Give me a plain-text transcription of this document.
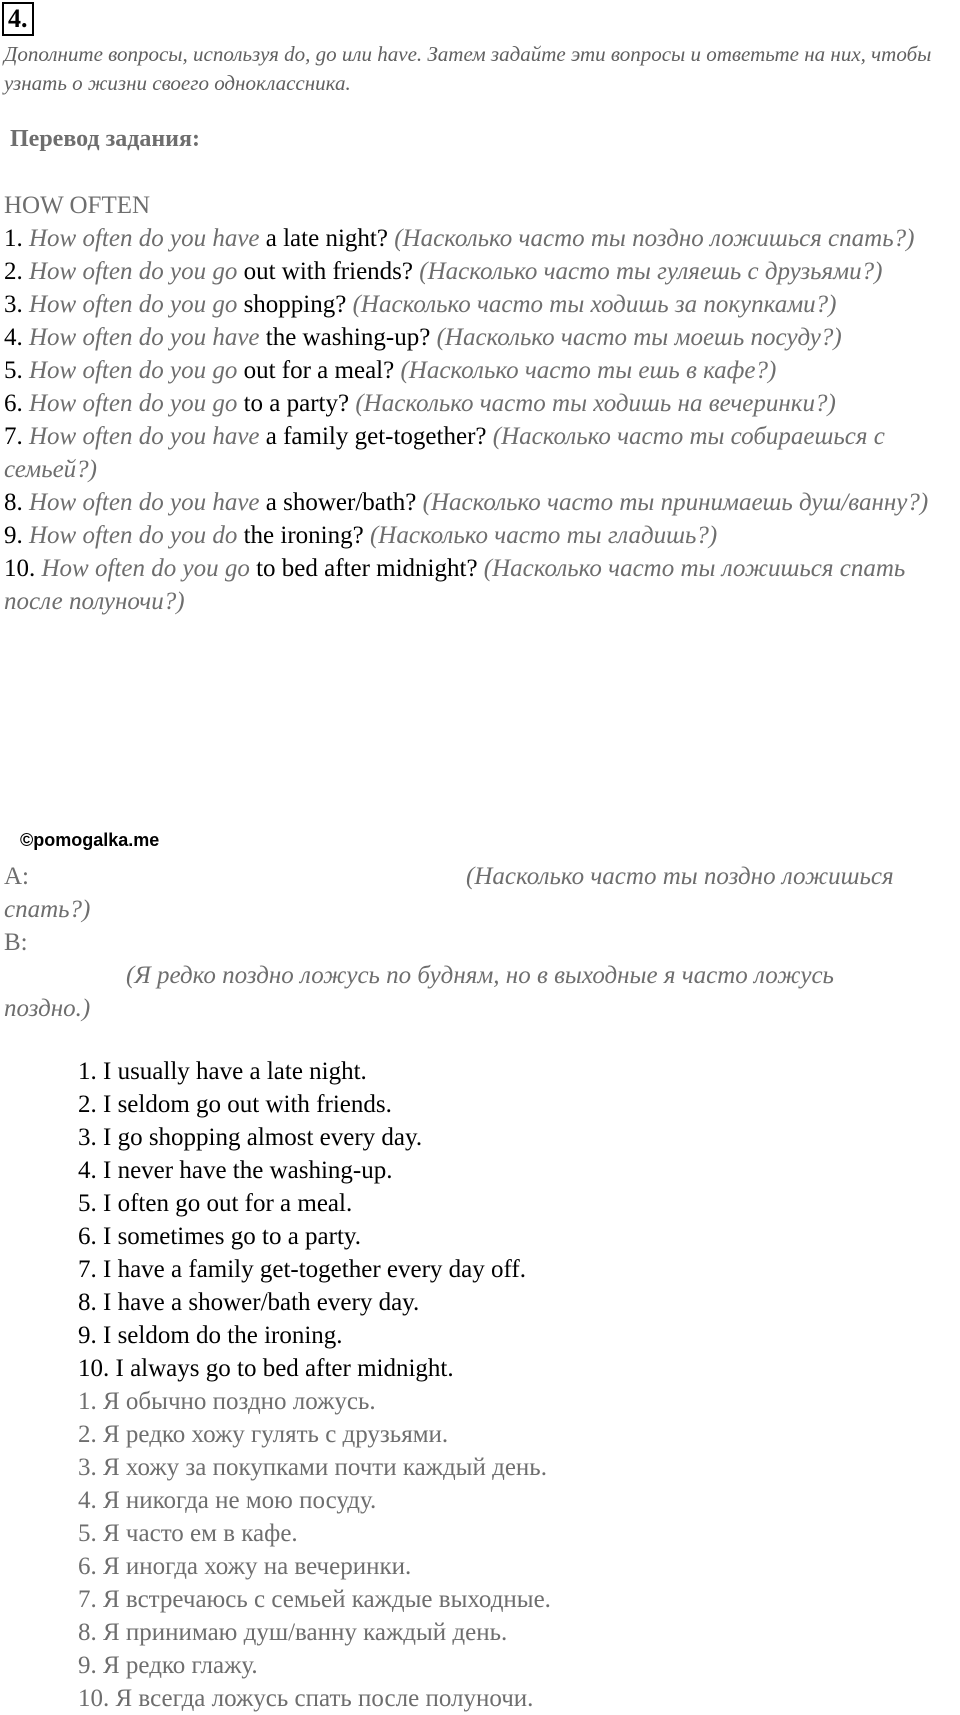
4.
Дополните вопросы, используя do, go или have. Затем задайте эти вопросы и ответьте на них, чтобы узнать о жизни своего одноклассника.
Перевод задания:
HOW OFTEN
1. How often do you have a late night? (Насколько часто ты поздно ложишься спать?)
2. How often do you go out with friends? (Насколько часто ты гуляешь с друзьями?)
3. How often do you go shopping? (Насколько часто ты ходишь за покупками?)
4. How often do you have the washing-up? (Насколько часто ты моешь посуду?)
5. How often do you go out for a meal? (Насколько часто ты ешь в кафе?)
6. How often do you go to a party? (Насколько часто ты ходишь на вечеринки?)
7. How often do you have a family get-together? (Насколько часто ты собираешься с семьей?)
8. How often do you have a shower/bath? (Насколько часто ты принимаешь душ/ванну?)
9. How often do you do the ironing? (Насколько часто ты гладишь?)
10. How often do you go to bed after midnight? (Насколько часто ты ложишься спать после полуночи?)
©pomogalka.me
A:	(Насколько часто ты поздно ложишься
спать?)
B:
(Я редко поздно ложусь по будням, но в выходные я часто ложусь
поздно.)
1. I usually have a late night.
2. I seldom go out with friends.
3. I go shopping almost every day.
4. I never have the washing-up.
5. I often go out for a meal.
6. I sometimes go to a party.
7. I have a family get-together every day off.
8. I have a shower/bath every day.
9. I seldom do the ironing.
10. I always go to bed after midnight.
1. Я обычно поздно ложусь.
2. Я редко хожу гулять с друзьями.
3. Я хожу за покупками почти каждый день.
4. Я никогда не мою посуду.
5. Я часто ем в кафе.
6. Я иногда хожу на вечеринки.
7. Я встречаюсь с семьей каждые выходные.
8. Я принимаю душ/ванну каждый день.
9. Я редко глажу.
10. Я всегда ложусь спать после полуночи.
